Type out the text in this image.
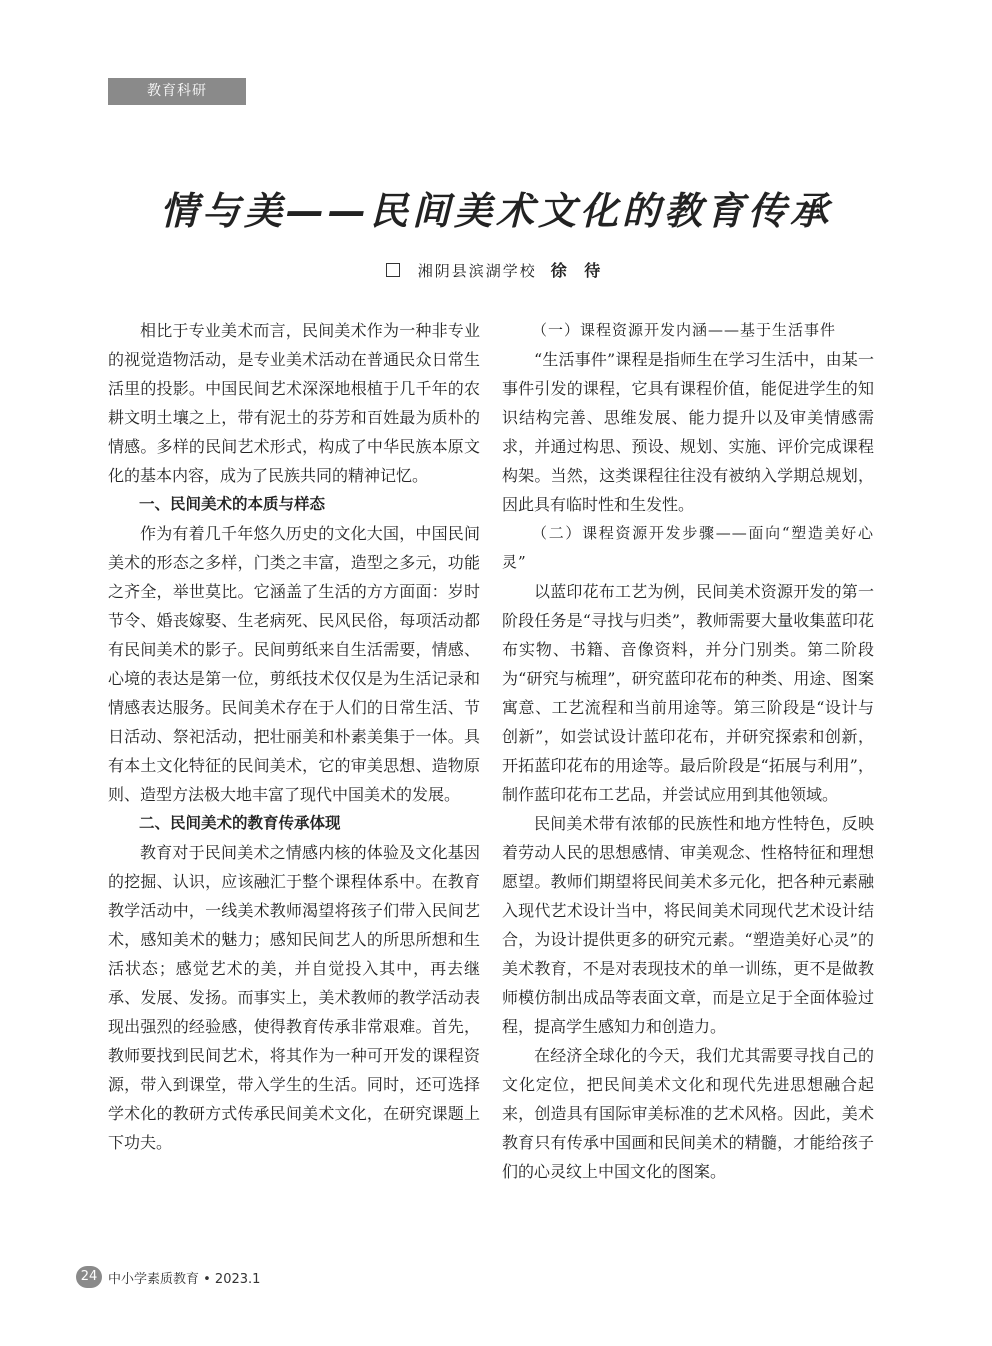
教育科研
情与美——民间美术文化的教育传承
湘阴县滨湖学校 徐 待

相比于专业美术而言，民间美术作为一种非专业的视觉造物活动，是专业美术活动在普通民众日常生活里的投影。中国民间艺术深深地根植于几千年的农耕文明土壤之上，带有泥土的芬芳和百姓最为质朴的情感。多样的民间艺术形式，构成了中华民族本原文化的基本内容，成为了民族共同的精神记忆。

一、民间美术的本质与样态

作为有着几千年悠久历史的文化大国，中国民间美术的形态之多样，门类之丰富，造型之多元，功能之齐全，举世莫比。它涵盖了生活的方方面面：岁时节令、婚丧嫁娶、生老病死、民风民俗，每项活动都有民间美术的影子。民间剪纸来自生活需要，情感、心境的表达是第一位，剪纸技术仅仅是为生活记录和情感表达服务。民间美术存在于人们的日常生活、节日活动、祭祀活动，把壮丽美和朴素美集于一体。具有本土文化特征的民间美术，它的审美思想、造物原则、造型方法极大地丰富了现代中国美术的发展。

二、民间美术的教育传承体现

教育对于民间美术之情感内核的体验及文化基因的挖掘、认识，应该融汇于整个课程体系中。在教育教学活动中，一线美术教师渴望将孩子们带入民间艺术，感知美术的魅力；感知民间艺人的所思所想和生活状态；感觉艺术的美，并自觉投入其中，再去继承、发展、发扬。而事实上，美术教师的教学活动表现出强烈的经验感，使得教育传承非常艰难。首先，教师要找到民间艺术，将其作为一种可开发的课程资源，带入到课堂，带入学生的生活。同时，还可选择学术化的教研方式传承民间美术文化，在研究课题上下功夫。

（一）课程资源开发内涵——基于生活事件

“生活事件”课程是指师生在学习生活中，由某一事件引发的课程，它具有课程价值，能促进学生的知识结构完善、思维发展、能力提升以及审美情感需求，并通过构思、预设、规划、实施、评价完成课程构架。当然，这类课程往往没有被纳入学期总规划，因此具有临时性和生发性。

（二）课程资源开发步骤——面向“塑造美好心灵”

以蓝印花布工艺为例，民间美术资源开发的第一阶段任务是“寻找与归类”，教师需要大量收集蓝印花布实物、书籍、音像资料，并分门别类。第二阶段为“研究与梳理”，研究蓝印花布的种类、用途、图案寓意、工艺流程和当前用途等。第三阶段是“设计与创新”，如尝试设计蓝印花布，并研究探索和创新，开拓蓝印花布的用途等。最后阶段是“拓展与利用”，制作蓝印花布工艺品，并尝试应用到其他领域。

民间美术带有浓郁的民族性和地方性特色，反映着劳动人民的思想感情、审美观念、性格特征和理想愿望。教师们期望将民间美术多元化，把各种元素融入现代艺术设计当中，将民间美术同现代艺术设计结合，为设计提供更多的研究元素。“塑造美好心灵”的美术教育，不是对表现技术的单一训练，更不是做教师模仿制出成品等表面文章，而是立足于全面体验过程，提高学生感知力和创造力。

在经济全球化的今天，我们尤其需要寻找自己的文化定位，把民间美术文化和现代先进思想融合起来，创造具有国际审美标准的艺术风格。因此，美术教育只有传承中国画和民间美术的精髓，才能给孩子们的心灵纹上中国文化的图案。

24 中小学素质教育 • 2023.1
